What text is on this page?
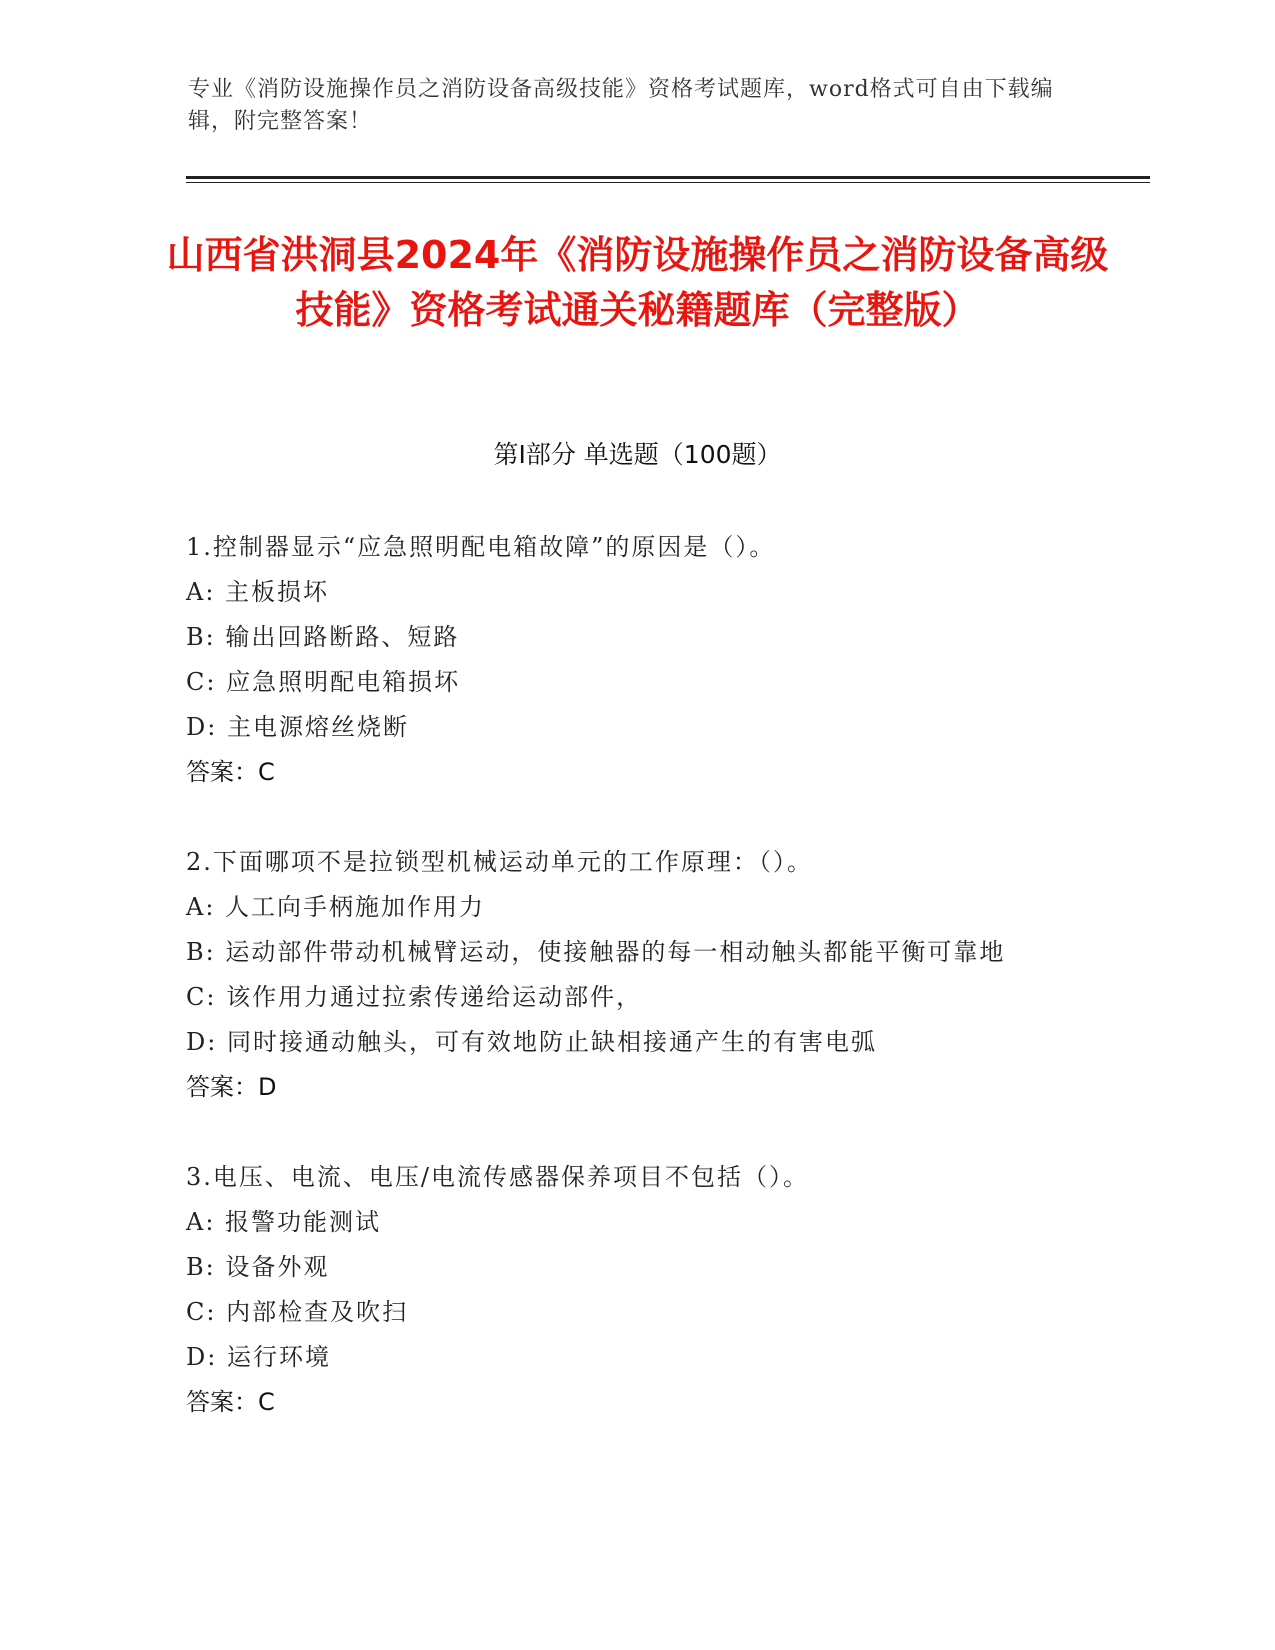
专业《消防设施操作员之消防设备高级技能》资格考试题库，word格式可自由下载编辑，附完整答案！
山西省洪洞县2024年《消防设施操作员之消防设备高级技能》资格考试通关秘籍题库（完整版）
第Ⅰ部分 单选题（100题）
1.控制器显示“应急照明配电箱故障”的原因是（）。
A: 主板损坏
B: 输出回路断路、短路
C: 应急照明配电箱损坏
D: 主电源熔丝烧断
答案：C
2.下面哪项不是拉锁型机械运动单元的工作原理：（）。
A: 人工向手柄施加作用力
B: 运动部件带动机械臂运动，使接触器的每一相动触头都能平衡可靠地
C: 该作用力通过拉索传递给运动部件，
D: 同时接通动触头，可有效地防止缺相接通产生的有害电弧
答案：D
3.电压、电流、电压/电流传感器保养项目不包括（）。
A: 报警功能测试
B: 设备外观
C: 内部检查及吹扫
D: 运行环境
答案：C
